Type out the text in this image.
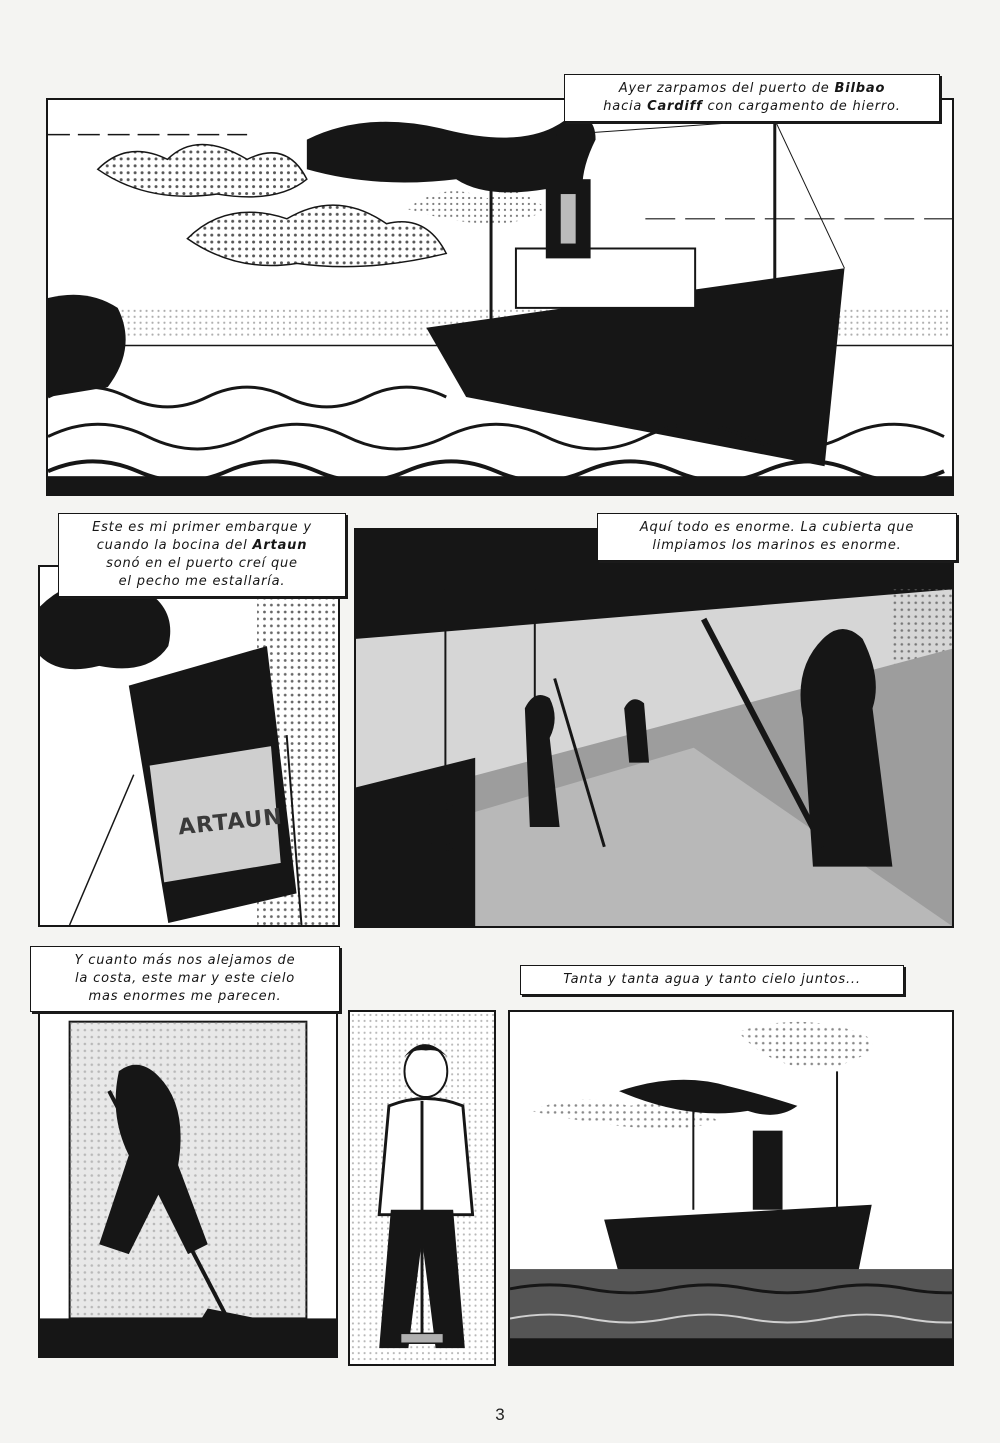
Ayer zarpamos del puerto de Bilbao
hacia Cardiff con cargamento de hierro.
ARTAUN
Este es mi primer embarque y
cuando la bocina del Artaun
sonó en el puerto creí que
el pecho me estallaría.
Aquí todo es enorme. La cubierta que
limpiamos los marinos es enorme.
Y cuanto más nos alejamos de
la costa, este mar y este cielo
mas enormes me parecen.
Tanta y tanta agua y tanto cielo juntos...
3
